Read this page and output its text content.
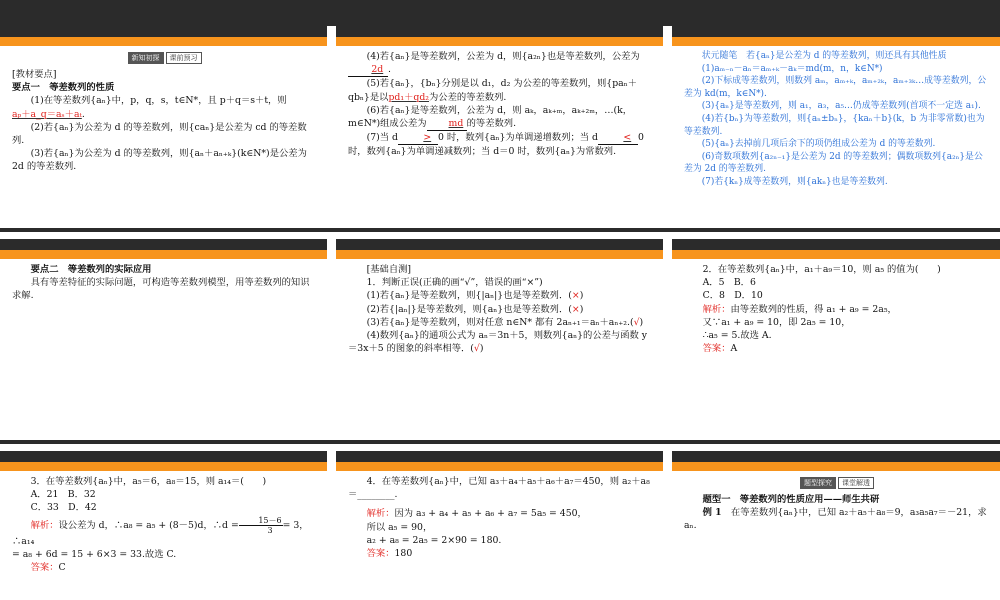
新知初探	课前预习

[教材要点]

要点一　等差数列的性质

(1)在等差数列{aₙ}中，p，q，s，t∈N*，且 p＋q＝s＋t，则
aₚ＋a_q＝aₛ＋aₜ.

(2)若{aₙ}为公差为 d 的等差数列，则{caₙ}是公差为 cd 的等差数列.

(3)若{aₙ}为公差为 d 的等差数列，则{aₙ＋aₙ₊ₖ}(k∈N*)是公差为 2d 的等差数列.

(4)若{aₙ}是等差数列，公差为 d，则{a₂ₙ}也是等差数列，公差为2d .

(5)若{aₙ}，{bₙ}分别是以 d₁，d₂ 为公差的等差数列，则{paₙ＋qbₙ}是以pd₁＋qd₂为公差的等差数列.

(6)若{aₙ}是等差数列，公差为 d，则 aₖ，aₖ₊ₘ，aₖ₊₂ₘ，…(k，m∈N*)组成公差为 md 的等差数列.

(7)当 d	> 0 时，数列{aₙ}为单调递增数列；当 d	< 0 时，数列{aₙ}为单调递减数列；当 d＝0 时，数列{aₙ}为常数列.

状元随笔　 若{aₙ}是公差为 d 的等差数列，则还具有其他性质

(1)aₘ₋ₙ－aₙ＝aₘ₊ₖ－aₖ＝md(m，n，k∈N*)

(2)下标成等差数列，则数列 aₘ，aₘ₊ₖ，aₘ₊₂ₖ，aₘ₊₃ₖ…成等差数列，公差为 kd(m，k∈N*).

(3){aₙ}是等差数列，则 a₁，a₃，a₅…仍成等差数列(首项不一定选 a₁).

(4)若{bₙ}为等差数列，则{aₙ±bₙ}，{kaₙ＋b}(k，b 为非零常数)也为等差数列.

(5){aₙ}去掉前几项后余下的项仍组成公差为 d 的等差数列.

(6)奇数项数列{a₂ₙ₋₁}是公差为 2d 的等差数列；偶数项数列{a₂ₙ}是公差为 2d 的等差数列.

(7)若{kₙ}成等差数列，则{akₙ}也是等差数列.

要点二　等差数列的实际应用

具有等差特征的实际问题，可构造等差数列模型，用等差数列的知识求解.

[基础自测]

1．判断正误(正确的画“√”，错误的画“×”)

(1)若{aₙ}是等差数列，则{|aₙ|}也是等差数列．(×)

(2)若{|aₙ|}是等差数列，则{aₙ}也是等差数列．(×)

(3)若{aₙ}是等差数列，则对任意 n∈N* 都有 2aₙ₊₁＝aₙ＋aₙ₊₂.(√)

(4)数列{aₙ}的通项公式为 aₙ＝3n＋5，则数列{aₙ}的公差与函数 y＝3x＋5 的图象的斜率相等．(√)

2．在等差数列{aₙ}中，a₁＋a₉＝10，则 a₅ 的值为(　　)

A．5　B．6

C．8　D．10

解析：由等差数列的性质，得 a₁ + a₉ = 2a₅，

又∵a₁ + a₉ = 10，即 2a₅ = 10，

∴a₅ = 5.故选 A.

答案：A

3．在等差数列{aₙ}中，a₅＝6，a₈＝15，则 a₁₄＝(　　)

A．21　B．32

C．33　D．42

解析：设公差为 d，∴a₈ = a₅ + (8－5)d，∴d = $\frac{15-6}{3} = 3$，∴a₁₄

= a₈ + 6d = 15 + 6×3 = 33.故选 C.

答案：C

4．在等差数列{aₙ}中，已知 a₃＋a₄＋a₅＋a₆＋a₇＝450，则 a₂＋a₈＝________.

解析：因为 a₃ + a₄ + a₅ + a₆ + a₇ = 5a₅ = 450，

所以 a₅ = 90，

a₂ + a₈ = 2a₅ = 2×90 = 180.

答案：180

题型探究	课堂解透

题型一　等差数列的性质应用——师生共研

例 1　 在等差数列{aₙ}中，已知 a₂＋a₅＋a₈＝9，a₃a₅a₇＝－21，求 aₙ.
